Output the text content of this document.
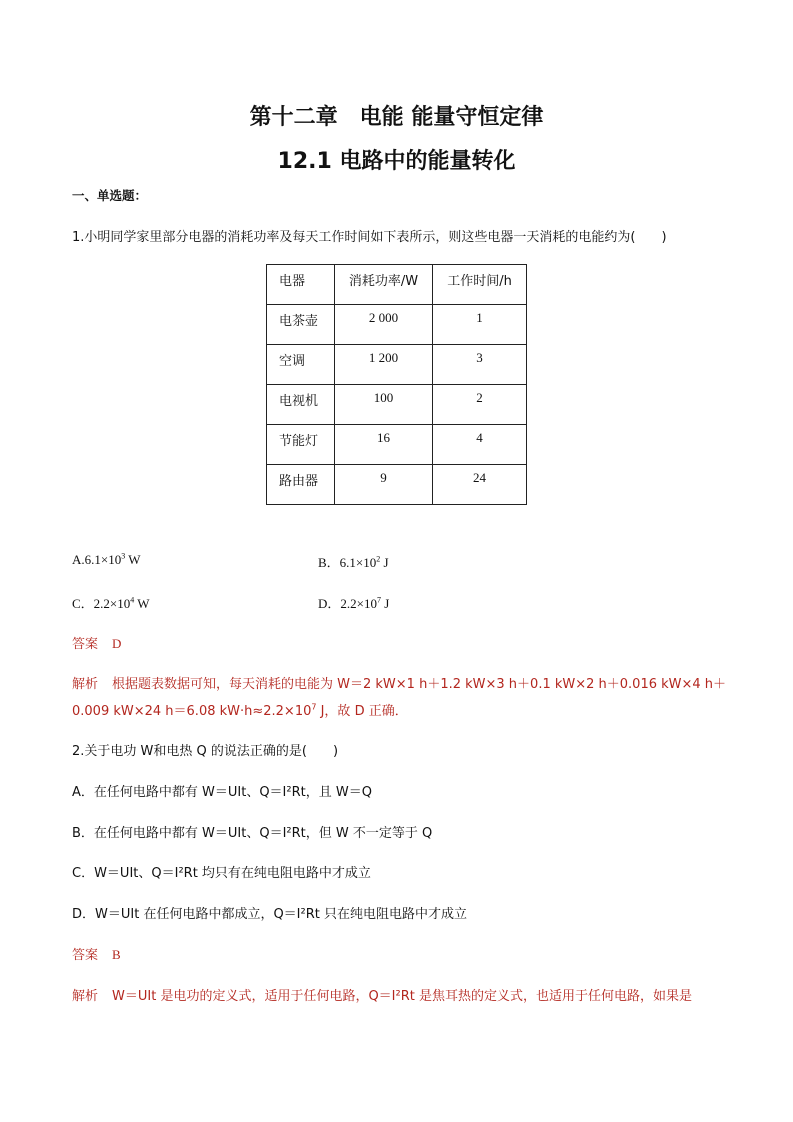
第十二章　电能 能量守恒定律
12.1 电路中的能量转化
一、单选题：
1.小明同学家里部分电器的消耗功率及每天工作时间如下表所示，则这些电器一天消耗的电能约为(　　)
电器	消耗功率/W	工作时间/h
电茶壶	2 000	1
空调	1 200	3
电视机	100	2
节能灯	16	4
路由器	9	24
$A.6.1\times 10^3$ W	B．$6.1\times 10^2$ J
C．$2.2\times 10^4$ W	D．$2.2\times 10^7$ J
答案 D
解析 根据题表数据可知，每天消耗的电能为 W＝2 kW×1 h＋1.2 kW×3 h＋0.1 kW×2 h＋0.016 kW×4 h＋
0.009 kW×24 h＝6.08 $kW\cdot h\approx 2.2\times 10^7$ J，故 D 正确．
2.关于电功 W和电热 Q 的说法正确的是(　　)
A．在任何电路中都有 W＝UIt、Q＝I²Rt，且 W＝Q
B．在任何电路中都有 W＝UIt、Q＝I²Rt，但 W 不一定等于 Q
C．W＝UIt、Q＝I²Rt 均只有在纯电阻电路中才成立
D．W＝UIt 在任何电路中都成立，Q＝I²Rt 只在纯电阻电路中才成立
答案 B
解析 W＝UIt 是电功的定义式，适用于任何电路，Q＝I²Rt 是焦耳热的定义式，也适用于任何电路，如果是
